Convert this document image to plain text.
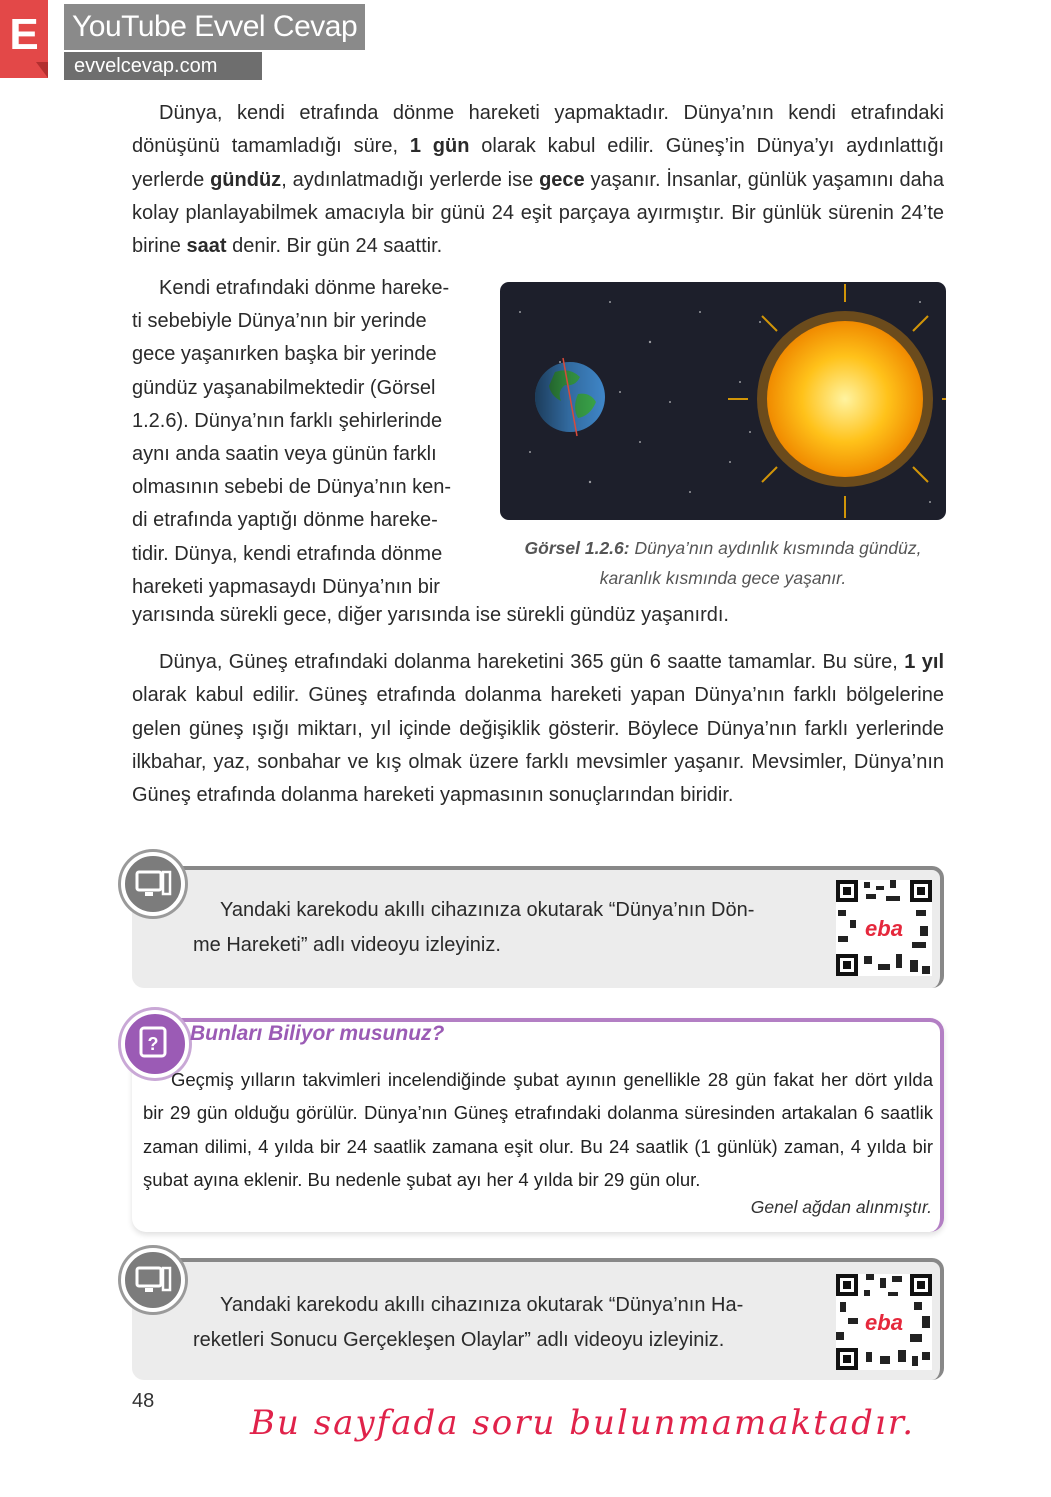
E	YouTube Evvel Cevap
evvelcevap.com
Dünya, kendi etrafında dönme hareketi yapmaktadır. Dünya’nın kendi etrafındaki dönüşünü tamamladığı süre, 1 gün olarak kabul edilir. Güneş’in Dünya’yı aydınlattığı yerlerde gündüz, aydınlatmadığı yerlerde ise gece yaşanır. İnsanlar, günlük yaşamını daha kolay planlayabilmek amacıyla bir günü 24 eşit parçaya ayırmıştır. Bir günlük sürenin 24’te birine saat denir. Bir gün 24 saattir.
Kendi etrafındaki dönme hareke-
ti sebebiyle Dünya’nın bir yerinde
gece yaşanırken başka bir yerinde
gündüz yaşanabilmektedir (Görsel
1.2.6). Dünya’nın farklı şehirlerinde
aynı anda saatin veya günün farklı
olmasının sebebi de Dünya’nın ken-
di etrafında yaptığı dönme hareke-
tidir. Dünya, kendi etrafında dönme
hareketi yapmasaydı Dünya’nın bir
yarısında sürekli gece, diğer yarısında ise sürekli gündüz yaşanırdı.
Görsel 1.2.6: Dünya’nın aydınlık kısmında gündüz,
karanlık kısmında gece yaşanır.
Dünya, Güneş etrafındaki dolanma hareketini 365 gün 6 saatte tamamlar. Bu süre, 1 yıl olarak kabul edilir. Güneş etrafında dolanma hareketi yapan Dünya’nın farklı bölgelerine gelen güneş ışığı miktarı, yıl içinde değişiklik gösterir. Böylece Dünya’nın farklı yerlerinde ilkbahar, yaz, sonbahar ve kış olmak üzere farklı mevsimler yaşanır. Mevsimler, Dünya’nın Güneş etrafında dolanma hareketi yapmasının sonuçlarından biridir.
Yandaki karekodu akıllı cihazınıza okutarak “Dünya’nın Dön-
me Hareketi” adlı videoyu izleyiniz.
eba
? Bunları Biliyor musunuz?
Geçmiş yılların takvimleri incelendiğinde şubat ayının genellikle 28 gün fakat her dört yılda bir 29 gün olduğu görülür. Dünya’nın Güneş etrafındaki dolanma süresinden artakalan 6 saatlik zaman dilimi, 4 yılda bir 24 saatlik zamana eşit olur. Bu 24 saatlik (1 günlük) zaman, 4 yılda bir şubat ayına eklenir. Bu nedenle şubat ayı her 4 yılda bir 29 gün olur.
Genel ağdan alınmıştır.
Yandaki karekodu akıllı cihazınıza okutarak “Dünya’nın Ha-
reketleri Sonucu Gerçekleşen Olaylar” adlı videoyu izleyiniz.
eba
48
Bu sayfada soru bulunmamaktadır.
